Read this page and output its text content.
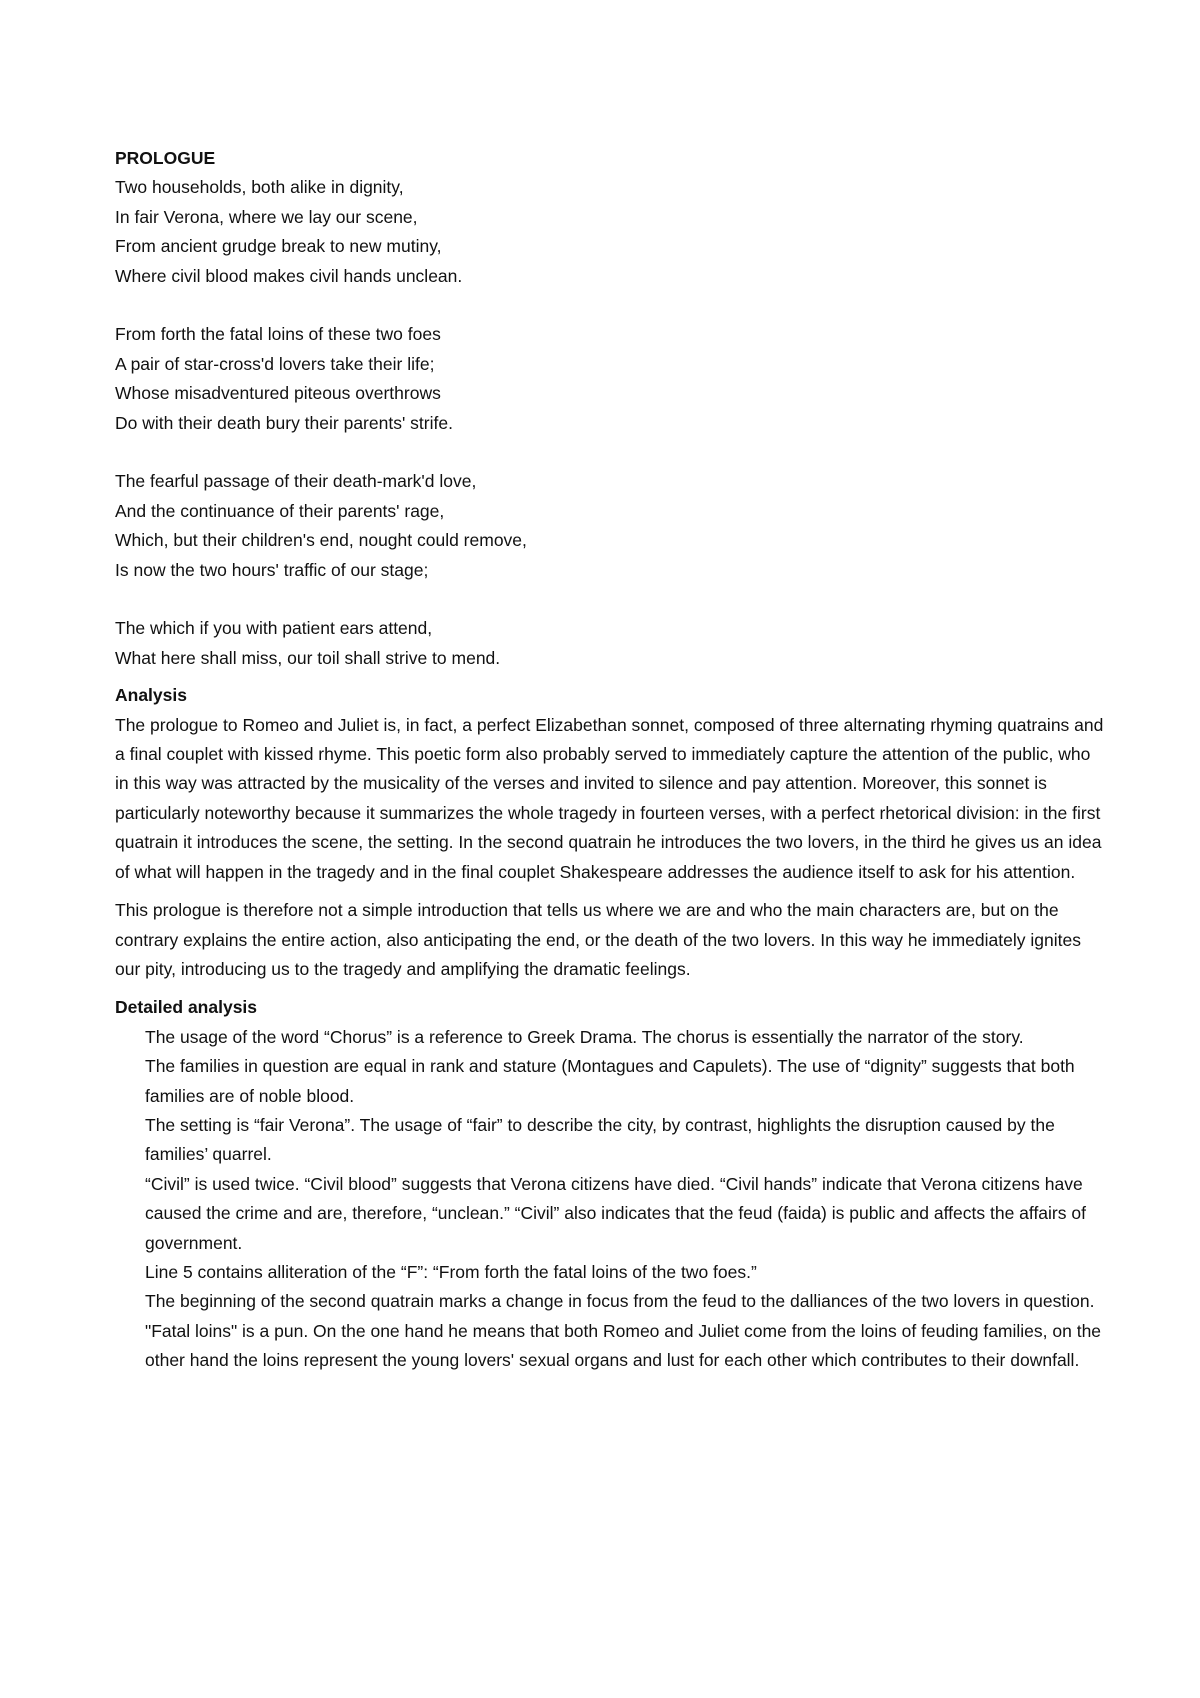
PROLOGUE

Two households, both alike in dignity,
In fair Verona, where we lay our scene,
From ancient grudge break to new mutiny,
Where civil blood makes civil hands unclean.
From forth the fatal loins of these two foes
A pair of star-cross'd lovers take their life;
Whose misadventured piteous overthrows
Do with their death bury their parents' strife.
The fearful passage of their death-mark'd love,
And the continuance of their parents' rage,
Which, but their children's end, nought could remove,
Is now the two hours' traffic of our stage;
The which if you with patient ears attend,
What here shall miss, our toil shall strive to mend.

Analysis

The prologue to Romeo and Juliet is, in fact, a perfect Elizabethan sonnet, composed of three alternating rhyming quatrains and a final couplet with kissed rhyme. This poetic form also probably served to immediately capture the attention of the public, who in this way was attracted by the musicality of the verses and invited to silence and pay attention. Moreover, this sonnet is particularly noteworthy because it summarizes the whole tragedy in fourteen verses, with a perfect rhetorical division: in the first quatrain it introduces the scene, the setting. In the second quatrain he introduces the two lovers, in the third he gives us an idea of what will happen in the tragedy and in the final couplet Shakespeare addresses the audience itself to ask for his attention.

This prologue is therefore not a simple introduction that tells us where we are and who the main characters are, but on the contrary explains the entire action, also anticipating the end, or the death of the two lovers. In this way he immediately ignites our pity, introducing us to the tragedy and amplifying the dramatic feelings.

Detailed analysis

The usage of the word “Chorus” is a reference to Greek Drama. The chorus is essentially the narrator of the story.
The families in question are equal in rank and stature (Montagues and Capulets). The use of “dignity” suggests that both families are of noble blood.
The setting is “fair Verona”. The usage of “fair” to describe the city, by contrast, highlights the disruption caused by the families’ quarrel.
“Civil” is used twice. “Civil blood” suggests that Verona citizens have died. “Civil hands” indicate that Verona citizens have caused the crime and are, therefore, “unclean.” “Civil” also indicates that the feud (faida) is public and affects the affairs of government.
Line 5 contains alliteration of the “F”: “From forth the fatal loins of the two foes.”
The beginning of the second quatrain marks a change in focus from the feud to the dalliances of the two lovers in question.
"Fatal loins" is a pun. On the one hand he means that both Romeo and Juliet come from the loins of feuding families, on the other hand the loins represent the young lovers' sexual organs and lust for each other which contributes to their downfall.
